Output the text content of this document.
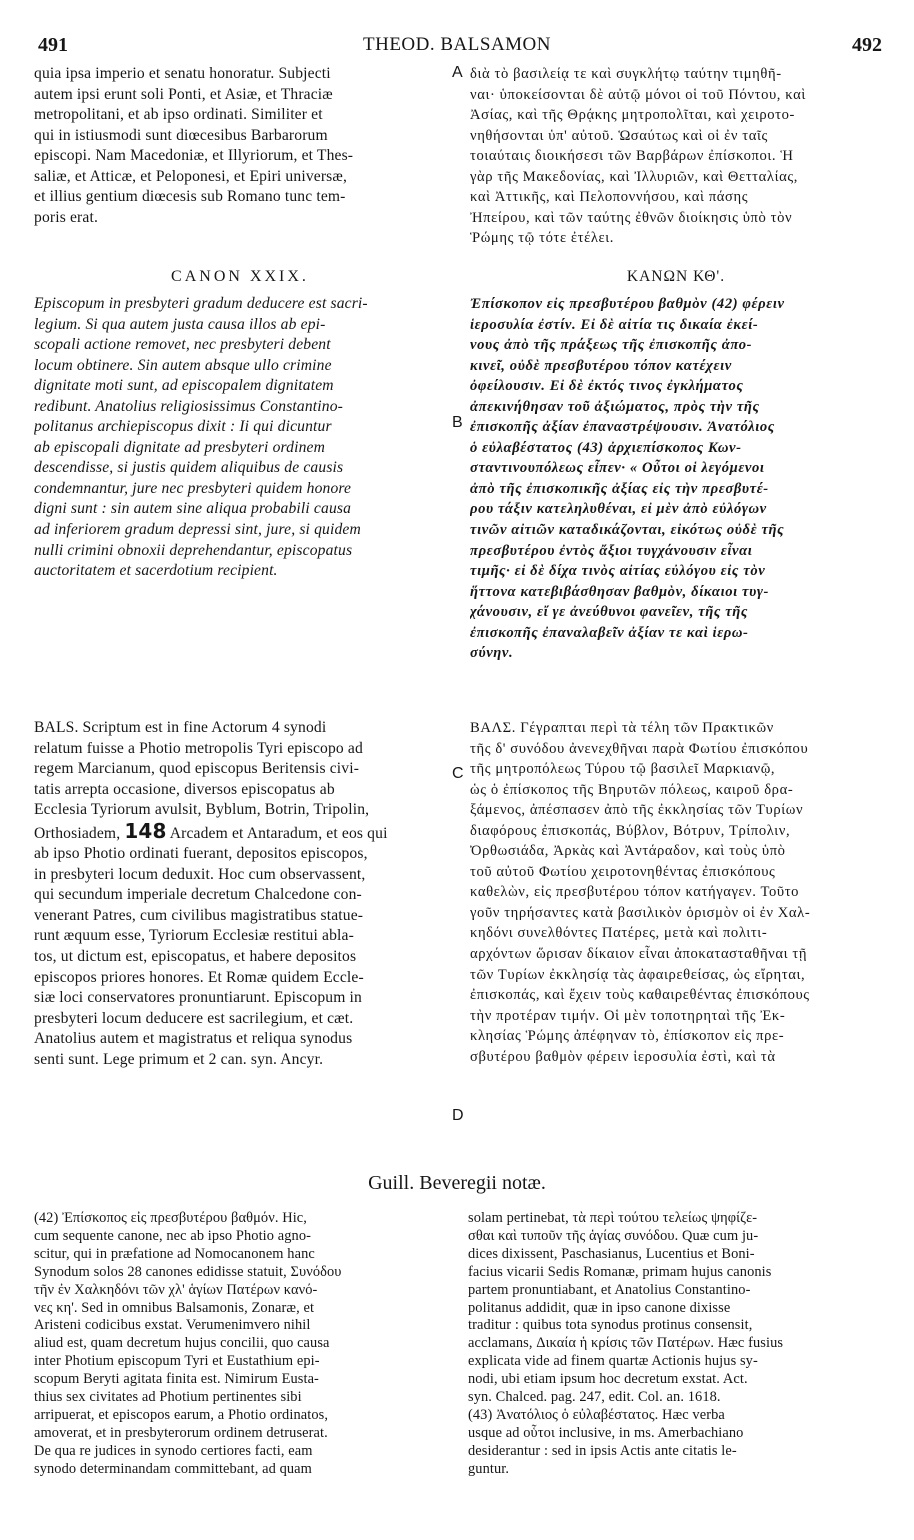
491	THEOD. BALSAMON	492
A
B
C
D
quia ipsa imperio et senatu honoratur. Subjecti
autem ipsi erunt soli Ponti, et Asiæ, et Thraciæ
metropolitani, et ab ipso ordinati. Similiter et
qui in istiusmodi sunt diœcesibus Barbarorum
episcopi. Nam Macedoniæ, et Illyriorum, et Thes-
saliæ, et Atticæ, et Peloponesi, et Epiri universæ,
et illius gentium diœcesis sub Romano tunc tem-
poris erat.
CANON XXIX.
Episcopum in presbyteri gradum deducere est sacri-
legium. Si qua autem justa causa illos ab epi-
scopali actione removet, nec presbyteri debent
locum obtinere. Sin autem absque ullo crimine
dignitate moti sunt, ad episcopalem dignitatem
redibunt. Anatolius religiosissimus Constantino-
politanus archiepiscopus dixit : Ii qui dicuntur
ab episcopali dignitate ad presbyteri ordinem
descendisse, si justis quidem aliquibus de causis
condemnantur, jure nec presbyteri quidem honore
digni sunt : sin autem sine aliqua probabili causa
ad inferiorem gradum depressi sint, jure, si quidem
nulli crimini obnoxii deprehendantur, episcopatus
auctoritatem et sacerdotium recipient.
BALS. Scriptum est in fine Actorum 4 synodi
relatum fuisse a Photio metropolis Tyri episcopo ad
regem Marcianum, quod episcopus Beritensis civi-
tatis arrepta occasione, diversos episcopatus ab
Ecclesia Tyriorum avulsit, Byblum, Botrin, Tripolin,
Orthosiadem, 148 Arcadem et Antaradum, et eos qui
ab ipso Photio ordinati fuerant, depositos episcopos,
in presbyteri locum deduxit. Hoc cum observassent,
qui secundum imperiale decretum Chalcedone con-
venerant Patres, cum civilibus magistratibus statue-
runt æquum esse, Tyriorum Ecclesiæ restitui abla-
tos, ut dictum est, episcopatus, et habere depositos
episcopos priores honores. Et Romæ quidem Eccle-
siæ loci conservatores pronuntiarunt. Episcopum in
presbyteri locum deducere est sacrilegium, et cæt.
Anatolius autem et magistratus et reliqua synodus
senti sunt. Lege primum et 2 can. syn. Ancyr.
διὰ τὸ βασιλείᾳ τε καὶ συγκλήτῳ ταύτην τιμηθῆ-
ναι· ὑποκείσονται δὲ αὐτῷ μόνοι οἱ τοῦ Πόντου, καὶ
Ἀσίας, καὶ τῆς Θρᾴκης μητροπολῖται, καὶ χειροτο-
νηθήσονται ὑπ' αὐτοῦ. Ὡσαύτως καὶ οἱ ἐν ταῖς
τοιαύταις διοικήσεσι τῶν Βαρβάρων ἐπίσκοποι. Ἡ
γὰρ τῆς Μακεδονίας, καὶ Ἰλλυριῶν, καὶ Θετταλίας,
καὶ Ἀττικῆς, καὶ Πελοποννήσου, καὶ πάσης
Ἠπείρου, καὶ τῶν ταύτης ἐθνῶν διοίκησις ὑπὸ τὸν
Ῥώμης τῷ τότε ἐτέλει.
ΚΑΝΩΝ ΚΘ'.
Ἐπίσκοπον εἰς πρεσβυτέρου βαθμὸν (42) φέρειν
ἱεροσυλία ἐστίν. Εἰ δὲ αἰτία τις δικαία ἐκεί-
νους ἀπὸ τῆς πράξεως τῆς ἐπισκοπῆς ἀπο-
κινεῖ, οὐδὲ πρεσβυτέρου τόπον κατέχειν
ὀφείλουσιν. Εἰ δὲ ἐκτός τινος ἐγκλήματος
ἀπεκινήθησαν τοῦ ἀξιώματος, πρὸς τὴν τῆς
ἐπισκοπῆς ἀξίαν ἐπαναστρέψουσιν. Ἀνατόλιος
ὁ εὐλαβέστατος (43) ἀρχιεπίσκοπος Κων-
σταντινουπόλεως εἶπεν· « Οὗτοι οἱ λεγόμενοι
ἀπὸ τῆς ἐπισκοπικῆς ἀξίας εἰς τὴν πρεσβυτέ-
ρου τάξιν κατεληλυθέναι, εἰ μὲν ἀπὸ εὐλόγων
τινῶν αἰτιῶν καταδικάζονται, εἰκότως οὐδὲ τῆς
πρεσβυτέρου ἐντὸς ἄξιοι τυγχάνουσιν εἶναι
τιμῆς· εἰ δὲ δίχα τινὸς αἰτίας εὐλόγου εἰς τὸν
ἥττονα κατεβιβάσθησαν βαθμὸν, δίκαιοι τυγ-
χάνουσιν, εἴ γε ἀνεύθυνοι φανεῖεν, τῆς τῆς
ἐπισκοπῆς ἐπαναλαβεῖν ἀξίαν τε καὶ ἱερω-
σύνην.
ΒΑΛΣ. Γέγραπται περὶ τὰ τέλη τῶν Πρακτικῶν
τῆς δ' συνόδου ἀνενεχθῆναι παρὰ Φωτίου ἐπισκόπου
τῆς μητροπόλεως Τύρου τῷ βασιλεῖ Μαρκιανῷ,
ὡς ὁ ἐπίσκοπος τῆς Βηρυτῶν πόλεως, καιροῦ δρα-
ξάμενος, ἀπέσπασεν ἀπὸ τῆς ἐκκλησίας τῶν Τυρίων
διαφόρους ἐπισκοπάς, Βύβλον, Βότρυν, Τρίπολιν,
Ὀρθωσιάδα, Ἀρκὰς καὶ Ἀντάραδον, καὶ τοὺς ὑπὸ
τοῦ αὐτοῦ Φωτίου χειροτονηθέντας ἐπισκόπους
καθελὼν, εἰς πρεσβυτέρου τόπον κατήγαγεν. Τοῦτο
γοῦν τηρήσαντες κατὰ βασιλικὸν ὁρισμὸν οἱ ἐν Χαλ-
κηδόνι συνελθόντες Πατέρες, μετὰ καὶ πολιτι-
αρχόντων ὥρισαν δίκαιον εἶναι ἀποκατασταθῆναι τῇ
τῶν Τυρίων ἐκκλησίᾳ τὰς ἀφαιρεθείσας, ὡς εἴρηται,
ἐπισκοπάς, καὶ ἔχειν τοὺς καθαιρεθέντας ἐπισκόπους
τὴν προτέραν τιμήν. Οἱ μὲν τοποτηρηταὶ τῆς Ἐκ-
κλησίας Ῥώμης ἀπέφηναν τὸ, ἐπίσκοπον εἰς πρε-
σβυτέρου βαθμὸν φέρειν ἱεροσυλία ἐστὶ, καὶ τὰ
Guill. Beveregii notæ.
(42) Ἐπίσκοπος εἰς πρεσβυτέρου βαθμόν. Hic,
cum sequente canone, nec ab ipso Photio agno-
scitur, qui in præfatione ad Nomocanonem hanc
Synodum solos 28 canones edidisse statuit, Συνόδου
τῆν ἐν Χαλκηδόνι τῶν χλ' ἁγίων Πατέρων κανό-
νες κη'. Sed in omnibus Balsamonis, Zonaræ, et
Aristeni codicibus exstat. Verumenimvero nihil
aliud est, quam decretum hujus concilii, quo causa
inter Photium episcopum Tyri et Eustathium epi-
scopum Beryti agitata finita est. Nimirum Eusta-
thius sex civitates ad Photium pertinentes sibi
arripuerat, et episcopos earum, a Photio ordinatos,
amoverat, et in presbyterorum ordinem detruserat.
De qua re judices in synodo certiores facti, eam
synodo determinandam committebant, ad quam
solam pertinebat, τὰ περὶ τούτου τελείως ψηφίζε-
σθαι καὶ τυποῦν τῆς ἁγίας συνόδου. Quæ cum ju-
dices dixissent, Paschasianus, Lucentius et Boni-
facius vicarii Sedis Romanæ, primam hujus canonis
partem pronuntiabant, et Anatolius Constantino-
politanus addidit, quæ in ipso canone dixisse
traditur : quibus tota synodus protinus consensit,
acclamans, Δικαία ἡ κρίσις τῶν Πατέρων. Hæc fusius
explicata vide ad finem quartæ Actionis hujus sy-
nodi, ubi etiam ipsum hoc decretum exstat. Act.
syn. Chalced. pag. 247, edit. Col. an. 1618.
(43) Ἀνατόλιος ὁ εὐλαβέστατος. Hæc verba
usque ad οὗτοι inclusive, in ms. Amerbachiano
desiderantur : sed in ipsis Actis ante citatis le-
guntur.
